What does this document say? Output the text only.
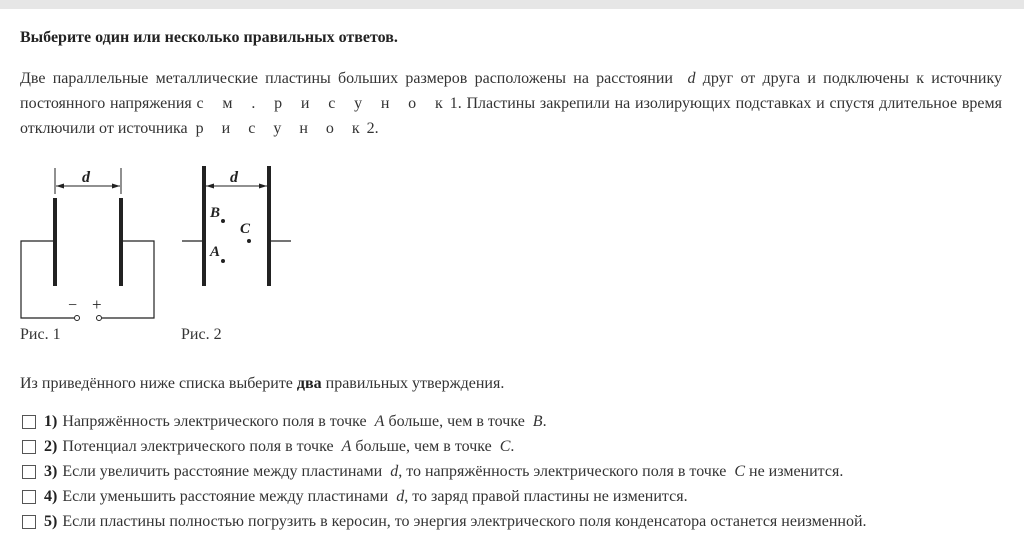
Выберите один или несколько правильных ответов.
Две параллельные металлические пластины больших размеров расположены на расстоянии d друг от друга и подключены к источнику постоянного напряжения с м . р и с у н о к1. Пластины закрепили на изолирующих подставках и спустя длительное время отключили от источника р и с у н о к2.
d
− +
d
B
C
A
Рис. 1	Рис. 2
Из приведённого ниже списка выберите два правильных утверждения.
1) Напряжённость электрического поля в точке
A
больше, чем в точке
B .
2) Потенциал электрического поля в точке
A
больше, чем в точке
C .
3) Если увеличить расстояние между пластинами
d , то напряжённость электрического поля в точке
C
не изменится.
4) Если уменьшить расстояние между пластинами
d , то заряд правой пластины не изменится.
5) Если пластины полностью погрузить в керосин, то энергия электрического поля конденсатора останется неизменной.
